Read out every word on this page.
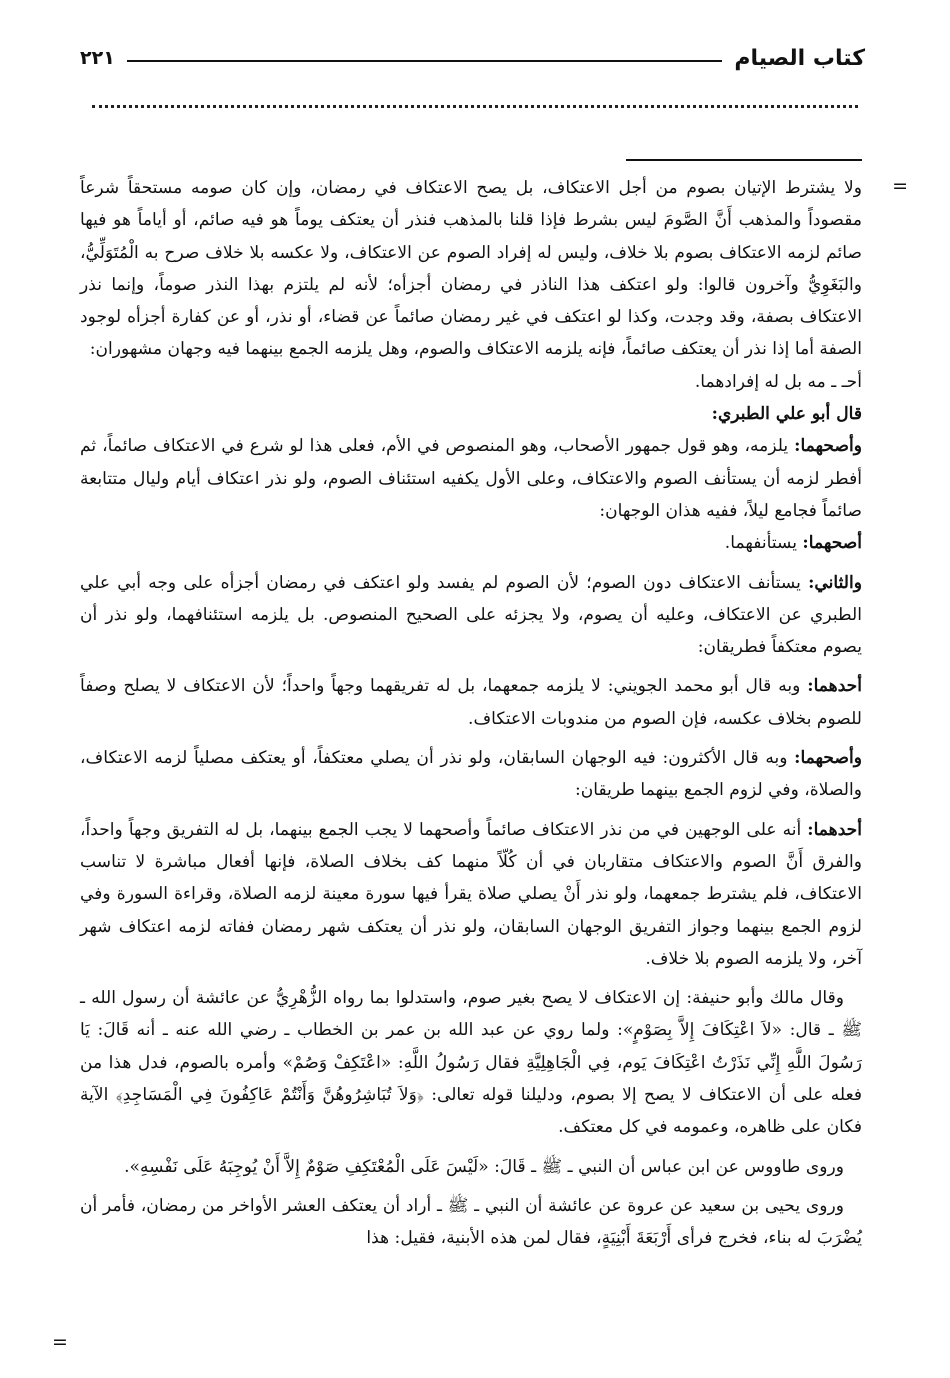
كتاب الصيام
٢٢١
=
=

ولا يشترط الإتيان بصوم من أجل الاعتكاف، بل يصح الاعتكاف في رمضان، وإن كان صومه مستحقاً شرعاً مقصوداً والمذهب أَنَّ الصَّومَ ليس بشرط فإذا قلنا بالمذهب فنذر أن يعتكف يوماً هو فيه صائم، أو أياماً هو فيها صائم لزمه الاعتكاف بصوم بلا خلاف، وليس له إفراد الصوم عن الاعتكاف، ولا عكسه بلا خلاف صرح به الْمُتَوَلِّيُّ، والبَغَوِيُّ وآخرون قالوا: ولو اعتكف هذا الناذر في رمضان أجزأه؛ لأنه لم يلتزم بهذا النذر صوماً، وإنما نذر الاعتكاف بصفة، وقد وجدت، وكذا لو اعتكف في غير رمضان صائماً عن قضاء، أو نذر، أو عن كفارة أجزأه لوجود الصفة أما إذا نذر أن يعتكف صائماً، فإنه يلزمه الاعتكاف والصوم، وهل يلزمه الجمع بينهما فيه وجهان مشهوران:

أحـ ـ مه بل له إفرادهما.

قال أبو علي الطبري:

وأصحهما: يلزمه، وهو قول جمهور الأصحاب، وهو المنصوص في الأم، فعلى هذا لو شرع في الاعتكاف صائماً، ثم أفطر لزمه أن يستأنف الصوم والاعتكاف، وعلى الأول يكفيه استئناف الصوم، ولو نذر اعتكاف أيام وليال متتابعة صائماً فجامع ليلاً، ففيه هذان الوجهان:

أصحهما: يستأنفهما.

والثاني: يستأنف الاعتكاف دون الصوم؛ لأن الصوم لم يفسد ولو اعتكف في رمضان أجزأه على وجه أبي علي الطبري عن الاعتكاف، وعليه أن يصوم، ولا يجزئه على الصحيح المنصوص. بل يلزمه استئنافهما، ولو نذر أن يصوم معتكفاً فطريقان:

أحدهما: وبه قال أبو محمد الجويني: لا يلزمه جمعهما، بل له تفريقهما وجهاً واحداً؛ لأن الاعتكاف لا يصلح وصفاً للصوم بخلاف عكسه، فإن الصوم من مندوبات الاعتكاف.

وأصحهما: وبه قال الأكثرون: فيه الوجهان السابقان، ولو نذر أن يصلي معتكفاً، أو يعتكف مصلياً لزمه الاعتكاف، والصلاة، وفي لزوم الجمع بينهما طريقان:

أحدهما: أنه على الوجهين في من نذر الاعتكاف صائماً وأصحهما لا يجب الجمع بينهما، بل له التفريق وجهاً واحداً، والفرق أَنَّ الصوم والاعتكاف متقاربان في أن كُلّاً منهما كف بخلاف الصلاة، فإنها أفعال مباشرة لا تناسب الاعتكاف، فلم يشترط جمعهما، ولو نذر أَنْ يصلي صلاة يقرأ فيها سورة معينة لزمه الصلاة، وقراءة السورة وفي لزوم الجمع بينهما وجواز التفريق الوجهان السابقان، ولو نذر أن يعتكف شهر رمضان ففاته لزمه اعتكاف شهر آخر، ولا يلزمه الصوم بلا خلاف.

وقال مالك وأبو حنيفة: إن الاعتكاف لا يصح بغير صوم، واستدلوا بما رواه الزُّهْرِيُّ عن عائشة أن رسول الله ـ ﷺ ـ قال: «لاَ اعْتِكَافَ إِلاَّ بِصَوْمٍ»: ولما روي عن عبد الله بن عمر بن الخطاب ـ رضي الله عنه ـ أنه قَالَ: يَا رَسُولَ اللَّهِ إِنِّي نَذَرْتُ اعْتِكَافَ يَوم، فِي الْجَاهِلِيَّةِ فقال رَسُولُ اللَّهِ: «اعْتَكِفْ وَصُمْ» وأمره بالصوم، فدل هذا من فعله على أن الاعتكاف لا يصح إلا بصوم، ودليلنا قوله تعالى: ﴿وَلاَ تُبَاشِرُوهُنَّ وَأَنْتُمْ عَاكِفُونَ فِي الْمَسَاجِدِ﴾ الآية فكان على ظاهره، وعمومه في كل معتكف.

وروى طاووس عن ابن عباس أن النبي ـ ﷺ ـ قَالَ: «لَيْسَ عَلَى الْمُعْتَكِفِ صَوْمٌ إِلاَّ أَنْ يُوجِبَهُ عَلَى نَفْسِهِ».

وروى يحيى بن سعيد عن عروة عن عائشة أن النبي ـ ﷺ ـ أراد أن يعتكف العشر الأواخر من رمضان، فأمر أن يُضْرَبَ له بناء، فخرج فرأى أَرْبَعَةَ أَبْنِيَةٍ، فقال لمن هذه الأبنية، فقيل: هذا
